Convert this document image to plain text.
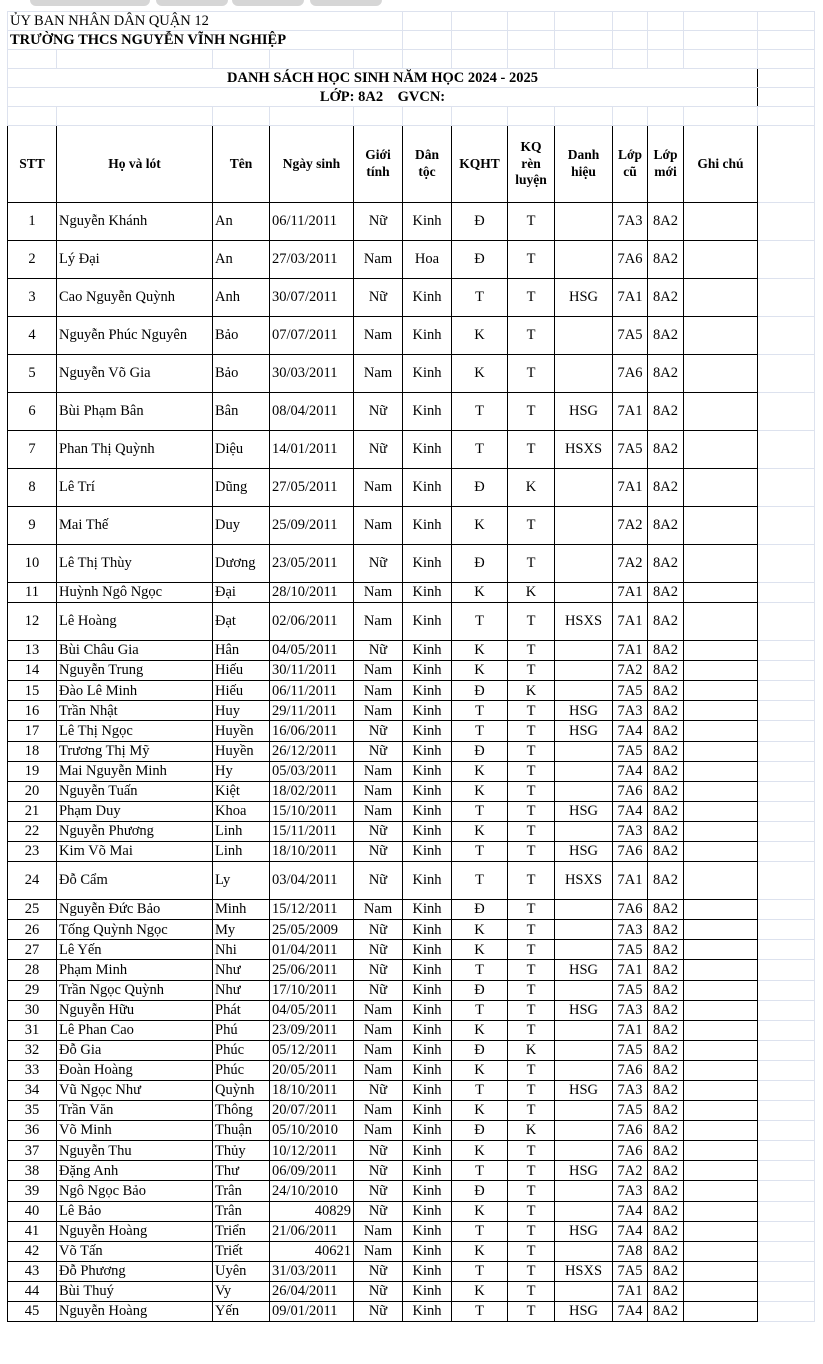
ỦY BAN NHÂN DÂN QUẬN 12												
TRƯỜNG THCS NGUYỄN VĨNH NGHIỆP												

DANH SÁCH HỌC SINH NĂM HỌC 2024 - 2025												
LỚP: 8A2    GVCN:												

STT	Họ và lót	Tên	Ngày sinh	Giới tính	Dân tộc	KQHT	KQ rèn luyện	Danh hiệu	Lớp cũ	Lớp mới	Ghi chú	
1	Nguyễn Khánh	An	06/11/2011	Nữ	Kinh	Đ	T		7A3	8A2		
2	Lý Đại	An	27/03/2011	Nam	Hoa	Đ	T		7A6	8A2		
3	Cao Nguyễn Quỳnh	Anh	30/07/2011	Nữ	Kinh	T	T	HSG	7A1	8A2		
4	Nguyễn Phúc Nguyên	Bảo	07/07/2011	Nam	Kinh	K	T		7A5	8A2		
5	Nguyễn Võ Gia	Bảo	30/03/2011	Nam	Kinh	K	T		7A6	8A2		
6	Bùi Phạm Bân	Bân	08/04/2011	Nữ	Kinh	T	T	HSG	7A1	8A2		
7	Phan Thị Quỳnh	Diệu	14/01/2011	Nữ	Kinh	T	T	HSXS	7A5	8A2		
8	Lê Trí	Dũng	27/05/2011	Nam	Kinh	Đ	K		7A1	8A2		
9	Mai Thế	Duy	25/09/2011	Nam	Kinh	K	T		7A2	8A2		
10	Lê Thị Thùy	Dương	23/05/2011	Nữ	Kinh	Đ	T		7A2	8A2		
11	Huỳnh Ngô Ngọc	Đại	28/10/2011	Nam	Kinh	K	K		7A1	8A2		
12	Lê Hoàng	Đạt	02/06/2011	Nam	Kinh	T	T	HSXS	7A1	8A2		
13	Bùi Châu Gia	Hân	04/05/2011	Nữ	Kinh	K	T		7A1	8A2		
14	Nguyễn Trung	Hiếu	30/11/2011	Nam	Kinh	K	T		7A2	8A2		
15	Đào Lê Minh	Hiếu	06/11/2011	Nam	Kinh	Đ	K		7A5	8A2		
16	Trần Nhật	Huy	29/11/2011	Nam	Kinh	T	T	HSG	7A3	8A2		
17	Lê Thị Ngọc	Huyền	16/06/2011	Nữ	Kinh	T	T	HSG	7A4	8A2		
18	Trương Thị Mỹ	Huyền	26/12/2011	Nữ	Kinh	Đ	T		7A5	8A2		
19	Mai Nguyễn Minh	Hy	05/03/2011	Nam	Kinh	K	T		7A4	8A2		
20	Nguyễn Tuấn	Kiệt	18/02/2011	Nam	Kinh	K	T		7A6	8A2		
21	Phạm Duy	Khoa	15/10/2011	Nam	Kinh	T	T	HSG	7A4	8A2		
22	Nguyễn Phương	Linh	15/11/2011	Nữ	Kinh	K	T		7A3	8A2		
23	Kim Võ Mai	Linh	18/10/2011	Nữ	Kinh	T	T	HSG	7A6	8A2		
24	Đỗ Cẩm	Ly	03/04/2011	Nữ	Kinh	T	T	HSXS	7A1	8A2		
25	Nguyễn Đức Bảo	Minh	15/12/2011	Nam	Kinh	Đ	T		7A6	8A2		
26	Tống Quỳnh Ngọc	My	25/05/2009	Nữ	Kinh	K	T		7A3	8A2		
27	Lê Yến	Nhi	01/04/2011	Nữ	Kinh	K	T		7A5	8A2		
28	Phạm Minh	Như	25/06/2011	Nữ	Kinh	T	T	HSG	7A1	8A2		
29	Trần Ngọc Quỳnh	Như	17/10/2011	Nữ	Kinh	Đ	T		7A5	8A2		
30	Nguyễn Hữu	Phát	04/05/2011	Nam	Kinh	T	T	HSG	7A3	8A2		
31	Lê Phan Cao	Phú	23/09/2011	Nam	Kinh	K	T		7A1	8A2		
32	Đỗ Gia	Phúc	05/12/2011	Nam	Kinh	Đ	K		7A5	8A2		
33	Đoàn Hoàng	Phúc	20/05/2011	Nam	Kinh	K	T		7A6	8A2		
34	Vũ Ngọc Như	Quỳnh	18/10/2011	Nữ	Kinh	T	T	HSG	7A3	8A2		
35	Trần Văn	Thông	20/07/2011	Nam	Kinh	K	T		7A5	8A2		
36	Võ Minh	Thuận	05/10/2010	Nam	Kinh	Đ	K		7A6	8A2		
37	Nguyễn Thu	Thủy	10/12/2011	Nữ	Kinh	K	T		7A6	8A2		
38	Đặng Anh	Thư	06/09/2011	Nữ	Kinh	T	T	HSG	7A2	8A2		
39	Ngô Ngọc Bảo	Trân	24/10/2010	Nữ	Kinh	Đ	T		7A3	8A2		
40	Lê Bảo	Trân	40829	Nữ	Kinh	K	T		7A4	8A2		
41	Nguyễn Hoàng	Triển	21/06/2011	Nam	Kinh	T	T	HSG	7A4	8A2		
42	Võ Tấn	Triết	40621	Nam	Kinh	K	T		7A8	8A2		
43	Đỗ Phương	Uyên	31/03/2011	Nữ	Kinh	T	T	HSXS	7A5	8A2		
44	Bùi Thuý	Vy	26/04/2011	Nữ	Kinh	K	T		7A1	8A2		
45	Nguyễn Hoàng	Yến	09/01/2011	Nữ	Kinh	T	T	HSG	7A4	8A2		
